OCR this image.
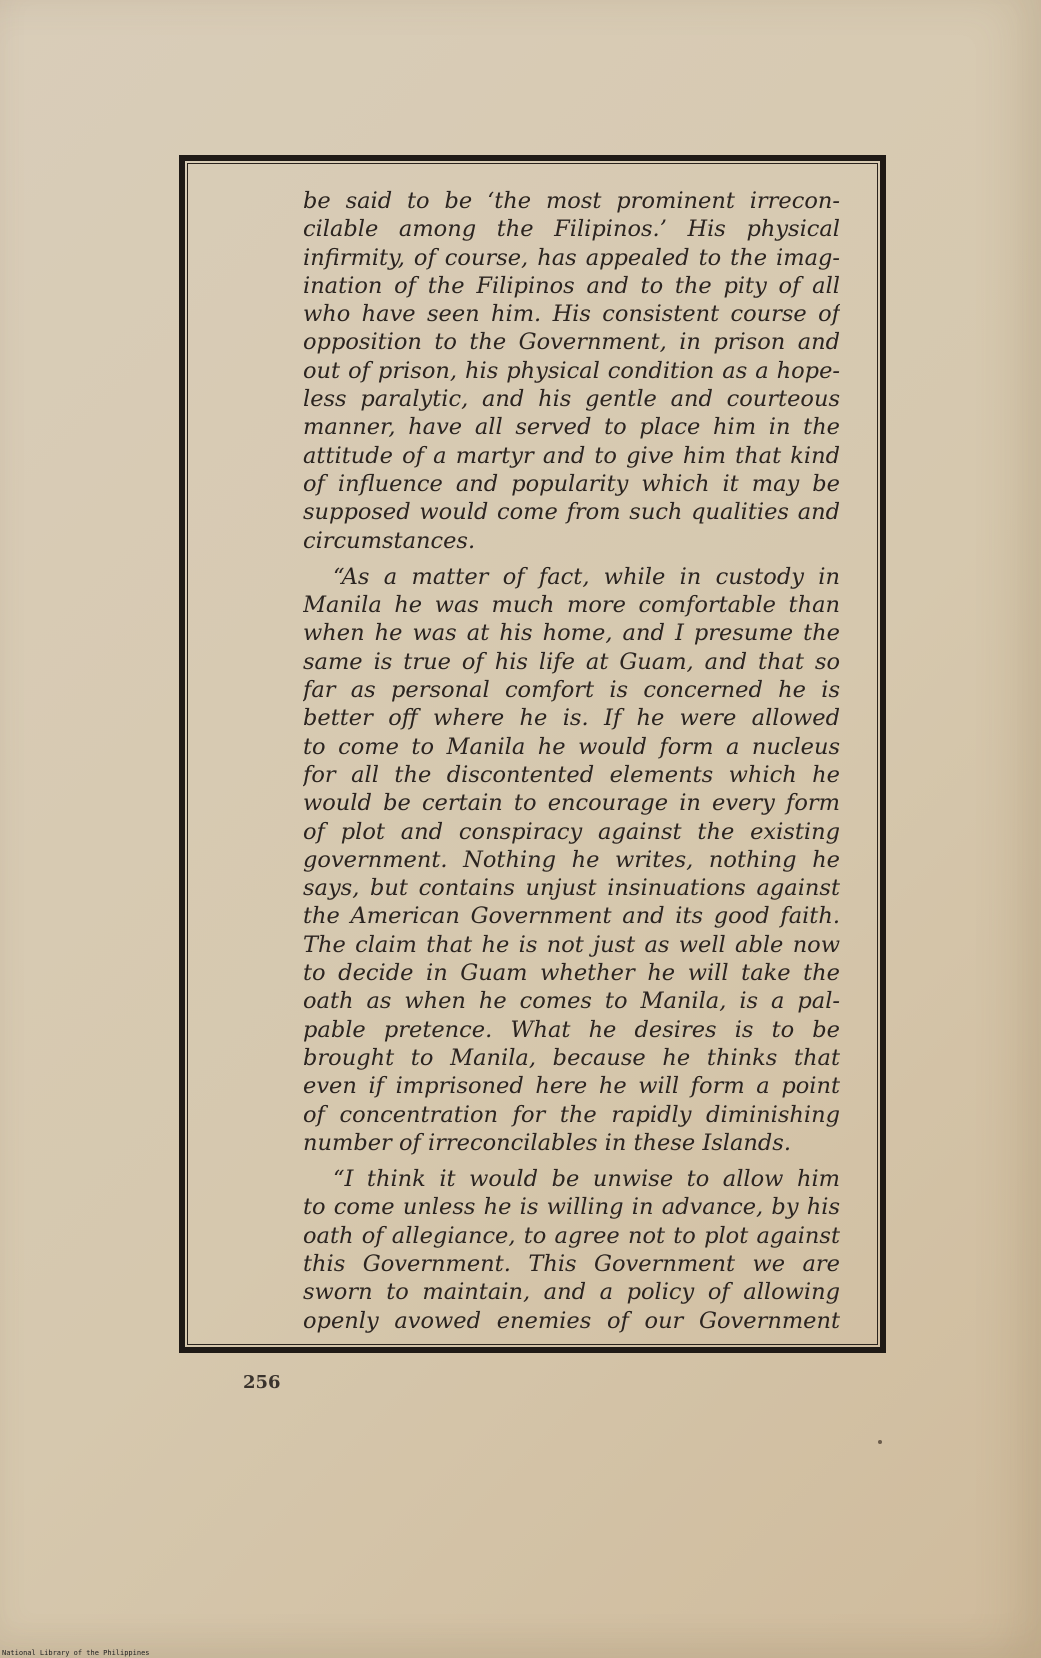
be said to be ‘the most prominent irrecon-
cilable among the Filipinos.’ His physical
infirmity, of course, has appealed to the imag-
ination of the Filipinos and to the pity of all
who have seen him. His consistent course of
opposition to the Government, in prison and
out of prison, his physical condition as a hope-
less paralytic, and his gentle and courteous
manner, have all served to place him in the
attitude of a martyr and to give him that kind
of influence and popularity which it may be
supposed would come from such qualities and
circumstances.
“As a matter of fact, while in custody in
Manila he was much more comfortable than
when he was at his home, and I presume the
same is true of his life at Guam, and that so
far as personal comfort is concerned he is
better off where he is. If he were allowed
to come to Manila he would form a nucleus
for all the discontented elements which he
would be certain to encourage in every form
of plot and conspiracy against the existing
government. Nothing he writes, nothing he
says, but contains unjust insinuations against
the American Government and its good faith.
The claim that he is not just as well able now
to decide in Guam whether he will take the
oath as when he comes to Manila, is a pal-
pable pretence. What he desires is to be
brought to Manila, because he thinks that
even if imprisoned here he will form a point
of concentration for the rapidly diminishing
number of irreconcilables in these Islands.
“I think it would be unwise to allow him
to come unless he is willing in advance, by his
oath of allegiance, to agree not to plot against
this Government. This Government we are
sworn to maintain, and a policy of allowing
openly avowed enemies of our Government
256
National Library of the Philippines
